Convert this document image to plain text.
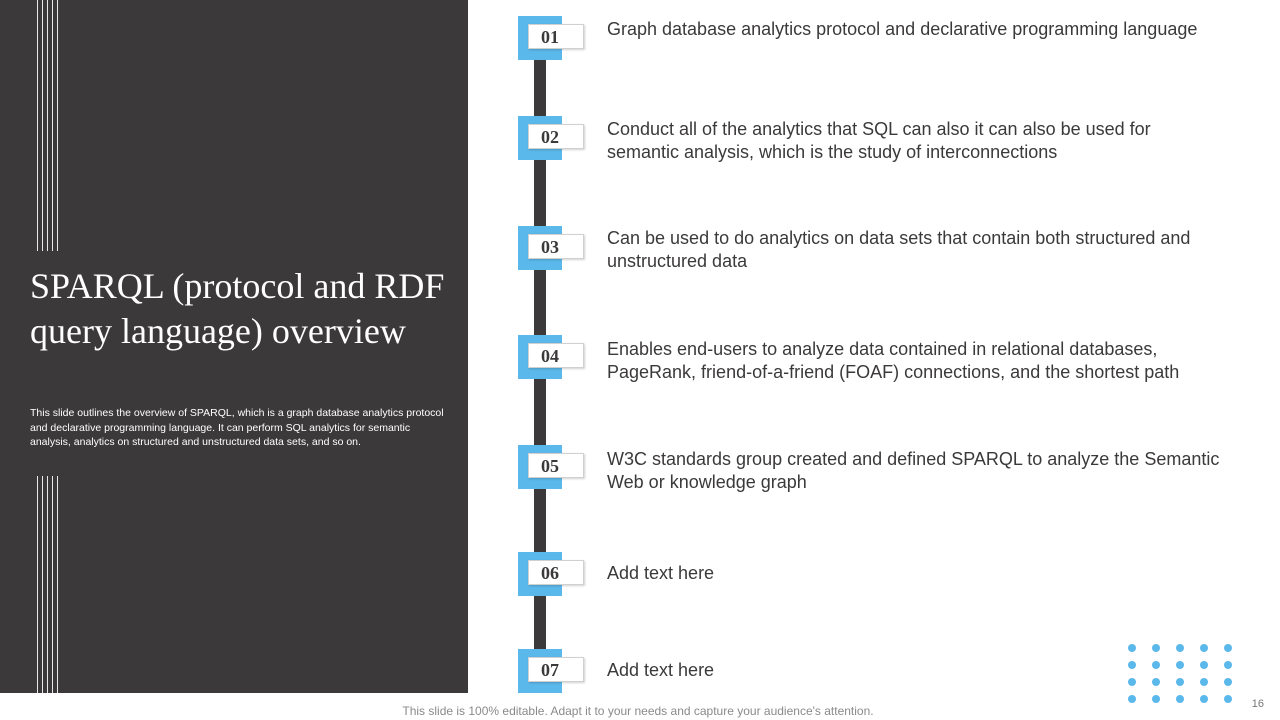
SPARQL (protocol and RDF query language) overview

This slide outlines the overview of SPARQL, which is a graph database analytics protocol and declarative programming language. It can perform SQL analytics for semantic analysis, analytics on structured and unstructured data sets, and so on.

01	Graph database analytics protocol and declarative programming language

02	Conduct all of the analytics that SQL can also it can also be used for semantic analysis, which is the study of interconnections

03	Can be used to do analytics on data sets that contain both structured and unstructured data

04	Enables end-users to analyze data contained in relational databases, PageRank, friend-of-a-friend (FOAF) connections, and the shortest path

05	W3C standards group created and defined SPARQL to analyze the Semantic Web or knowledge graph

06	Add text here

07	Add text here

16
This slide is 100% editable. Adapt it to your needs and capture your audience's attention.
